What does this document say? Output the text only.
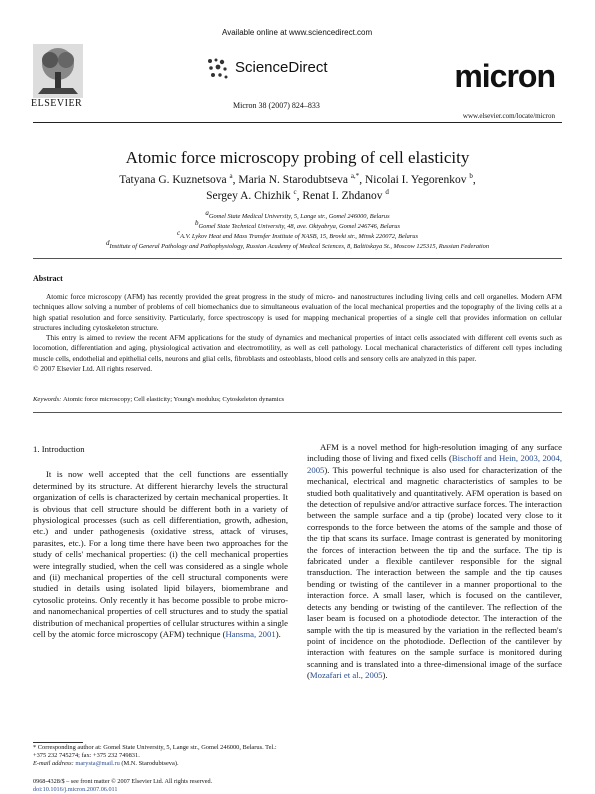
ELSEVIER
Available online at www.sciencedirect.com
ScienceDirect
Micron 38 (2007) 824–833
micron
www.elsevier.com/locate/micron
Atomic force microscopy probing of cell elasticity
Tatyana G. Kuznetsova $^a$, Maria N. Starodubtseva $^{a,*}$, Nicolai I. Yegorenkov $^b$,
Sergey A. Chizhik $^c$, Renat I. Zhdanov $^d$
$^a$Gomel State Medical University, 5, Lange str., Gomel 246000, Belarus
$^b$Gomel State Technical University, 48, ave. Oktyabrya, Gomel 246746, Belarus
$^c$A.V. Lykov Heat and Mass Transfer Institute of NASB, 15, Brovki str., Minsk 220072, Belarus
$^d$Institute of General Pathology and Pathophysiology, Russian Academy of Medical Sciences, 8, Baltiiskaya St., Moscow 125315, Russian Federation
Abstract

Atomic force microscopy (AFM) has recently provided the great progress in the study of micro- and nanostructures including living cells and cell organelles. Modern AFM techniques allow solving a number of problems of cell biomechanics due to simultaneous evaluation of the local mechanical properties and the topography of the living cells at a high spatial resolution and force sensitivity. Particularly, force spectroscopy is used for mapping mechanical properties of a single cell that provides information on cellular structures including cytoskeleton structure.

This entry is aimed to review the recent AFM applications for the study of dynamics and mechanical properties of intact cells associated with different cell events such as locomotion, differentiation and aging, physiological activation and electromotility, as well as cell pathology. Local mechanical characteristics of different cell types including muscle cells, endothelial and epithelial cells, neurons and glial cells, fibroblasts and osteoblasts, blood cells and sensory cells are analyzed in this paper.

© 2007 Elsevier Ltd. All rights reserved.

Keywords: Atomic force microscopy; Cell elasticity; Young's modulus; Cytoskeleton dynamics
1. Introduction

It is now well accepted that the cell functions are essentially determined by its structure. At different hierarchy levels the structural organization of cells is characterized by certain mechanical properties. It is obvious that cell structure should be different both in a variety of physiological processes (such as cell differentiation, growth, adhesion, etc.) and under pathogenesis (oxidative stress, attack of viruses, parasites, etc.). For a long time there have been two approaches for the study of cells' mechanical properties: (i) the cell mechanical properties were integrally studied, when the cell was considered as a single whole and (ii) mechanical properties of the cell structural components were studied in details using isolated lipid bilayers, biomembrane and cytosolic proteins. Only recently it has become possible to probe micro- and nanomechanical properties of cell structures and to study the spatial distribution of mechanical properties of cellular structures within a single cell by the atomic force microscopy (AFM) technique (Hansma, 2001).

AFM is a novel method for high-resolution imaging of any surface including those of living and fixed cells (Bischoff and Hein, 2003, 2004, 2005). This powerful technique is also used for characterization of the mechanical, electrical and magnetic characteristics of samples to be studied both qualitatively and quantitatively. AFM operation is based on the detection of repulsive and/or attractive surface forces. The interaction between the sample surface and a tip (probe) located very close to it corresponds to the force between the atoms of the sample and those of the tip that scans its surface. Image contrast is generated by monitoring the forces of interaction between the tip and the surface. The tip is fabricated under a flexible cantilever responsible for the signal transduction. The interaction between the sample and the tip causes bending or twisting of the cantilever in a manner proportional to the interaction force. A small laser, which is focused on the cantilever, detects any bending or twisting of the cantilever. The reflection of the laser beam is focused on a photodiode detector. The interaction of the sample with the tip is measured by the variation in the reflected beam's point of incidence on the photodiode. Deflection of the cantilever by interaction with features on the sample surface is monitored during scanning and is translated into a three-dimensional image of the surface (Mozafari et al., 2005).

* Corresponding author at: Gomel State University, 5, Lange str., Gomel 246000, Belarus. Tel.: +375 232 745274; fax: +375 232 749831.
E-mail address: marysta@mail.ru (M.N. Starodubtseva).
0968-4328/$ – see front matter © 2007 Elsevier Ltd. All rights reserved.
doi:10.1016/j.micron.2007.06.011
